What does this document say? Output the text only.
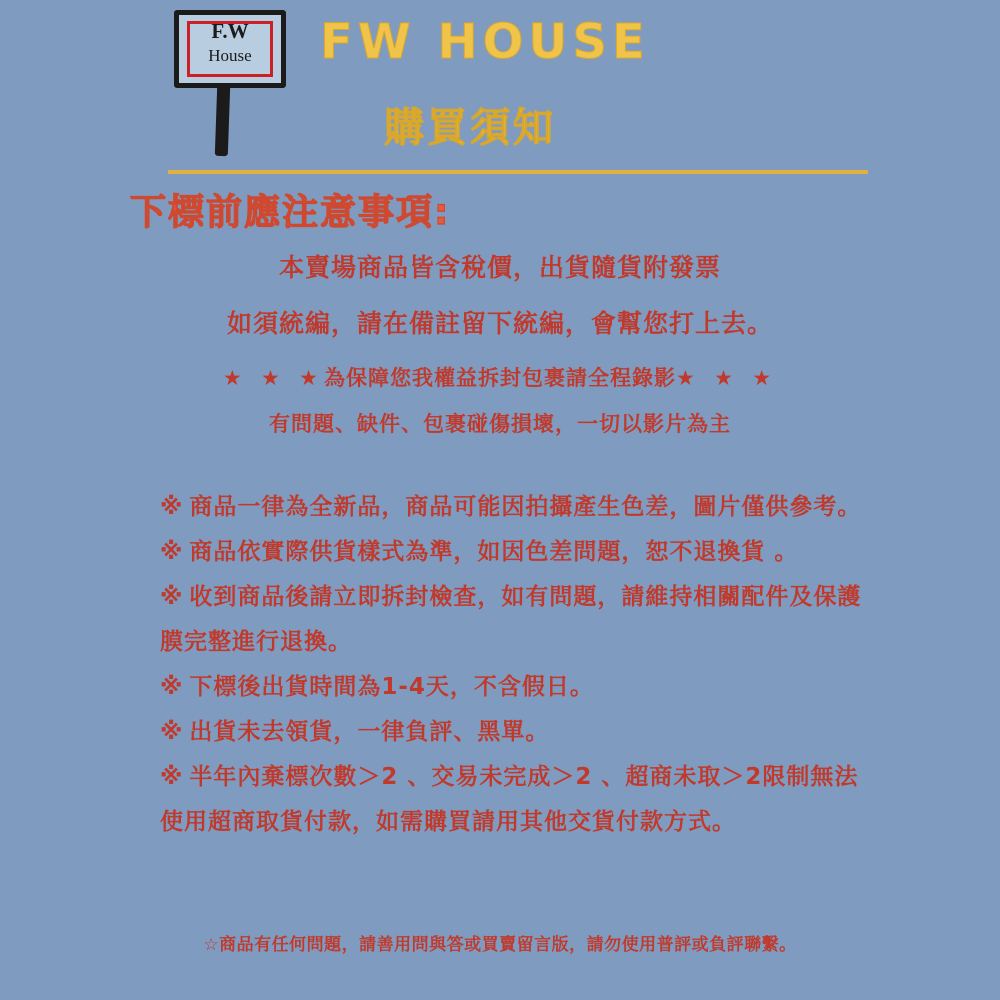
F.W
House	FW HOUSE
購買須知
下標前應注意事項:
本賣場商品皆含稅價，出貨隨貨附發票
如須統編，請在備註留下統編，會幫您打上去。
★ ★ ★為保障您我權益拆封包裹請全程錄影★ ★ ★
有問題、缺件、包裹碰傷損壞，一切以影片為主
※ 商品一律為全新品，商品可能因拍攝產生色差，圖片僅供參考。
※ 商品依實際供貨樣式為準，如因色差問題，恕不退換貨 。
※ 收到商品後請立即拆封檢查，如有問題，請維持相關配件及保護膜完整進行退換。
※ 下標後出貨時間為1-4天，不含假日。
※ 出貨未去領貨，一律負評、黑單。
※ 半年內棄標次數＞2 、交易未完成＞2 、超商未取＞2限制無法使用超商取貨付款，如需購買請用其他交貨付款方式。
☆商品有任何問題，請善用問與答或買賣留言版，請勿使用普評或負評聯繫。
